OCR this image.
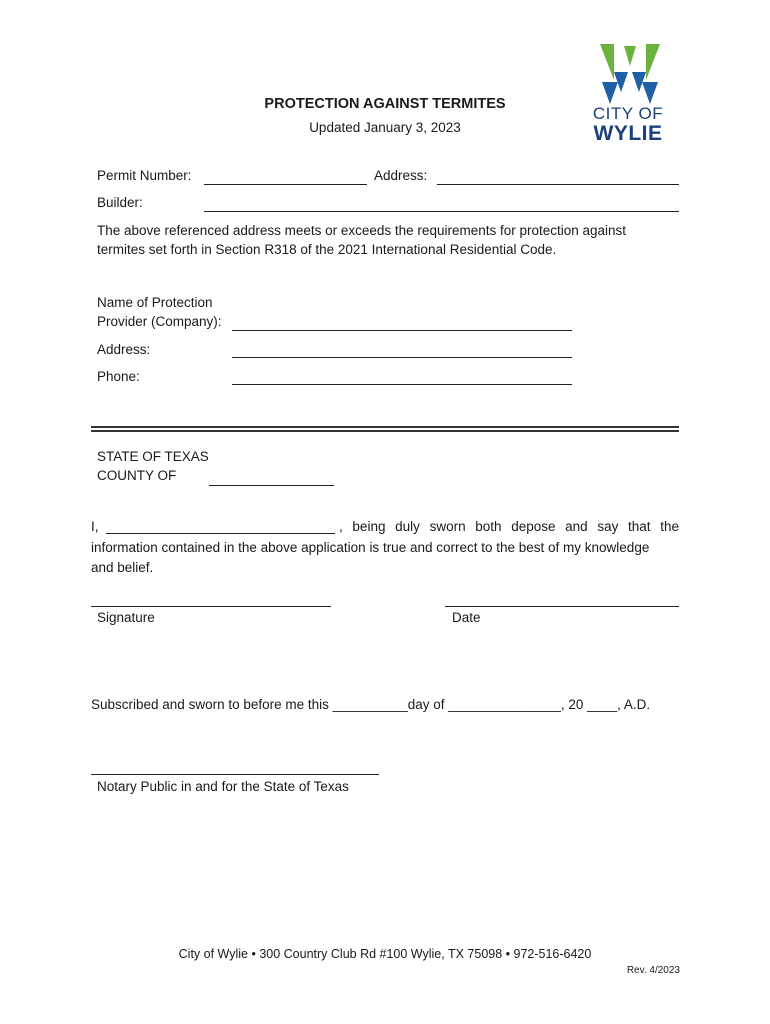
CITY OF
WYLIE
PROTECTION AGAINST TERMITES
Updated January 3, 2023
Permit Number:	Address:
Builder:
The above referenced address meets or exceeds the requirements for protection against
termites set forth in Section R318 of the 2021 International Residential Code.
Name of Protection
Provider (Company):
Address:
Phone:
STATE OF TEXAS
COUNTY OF
I,	, being duly sworn both depose and say that the
information contained in the above application is true and correct to the best of my knowledge
and belief.
Signature	Date
Subscribed and sworn to before me this __________day of _______________, 20 ____, A.D.
Notary Public in and for the State of Texas
City of Wylie • 300 Country Club Rd #100 Wylie, TX 75098 • 972-516-6420
Rev. 4/2023
